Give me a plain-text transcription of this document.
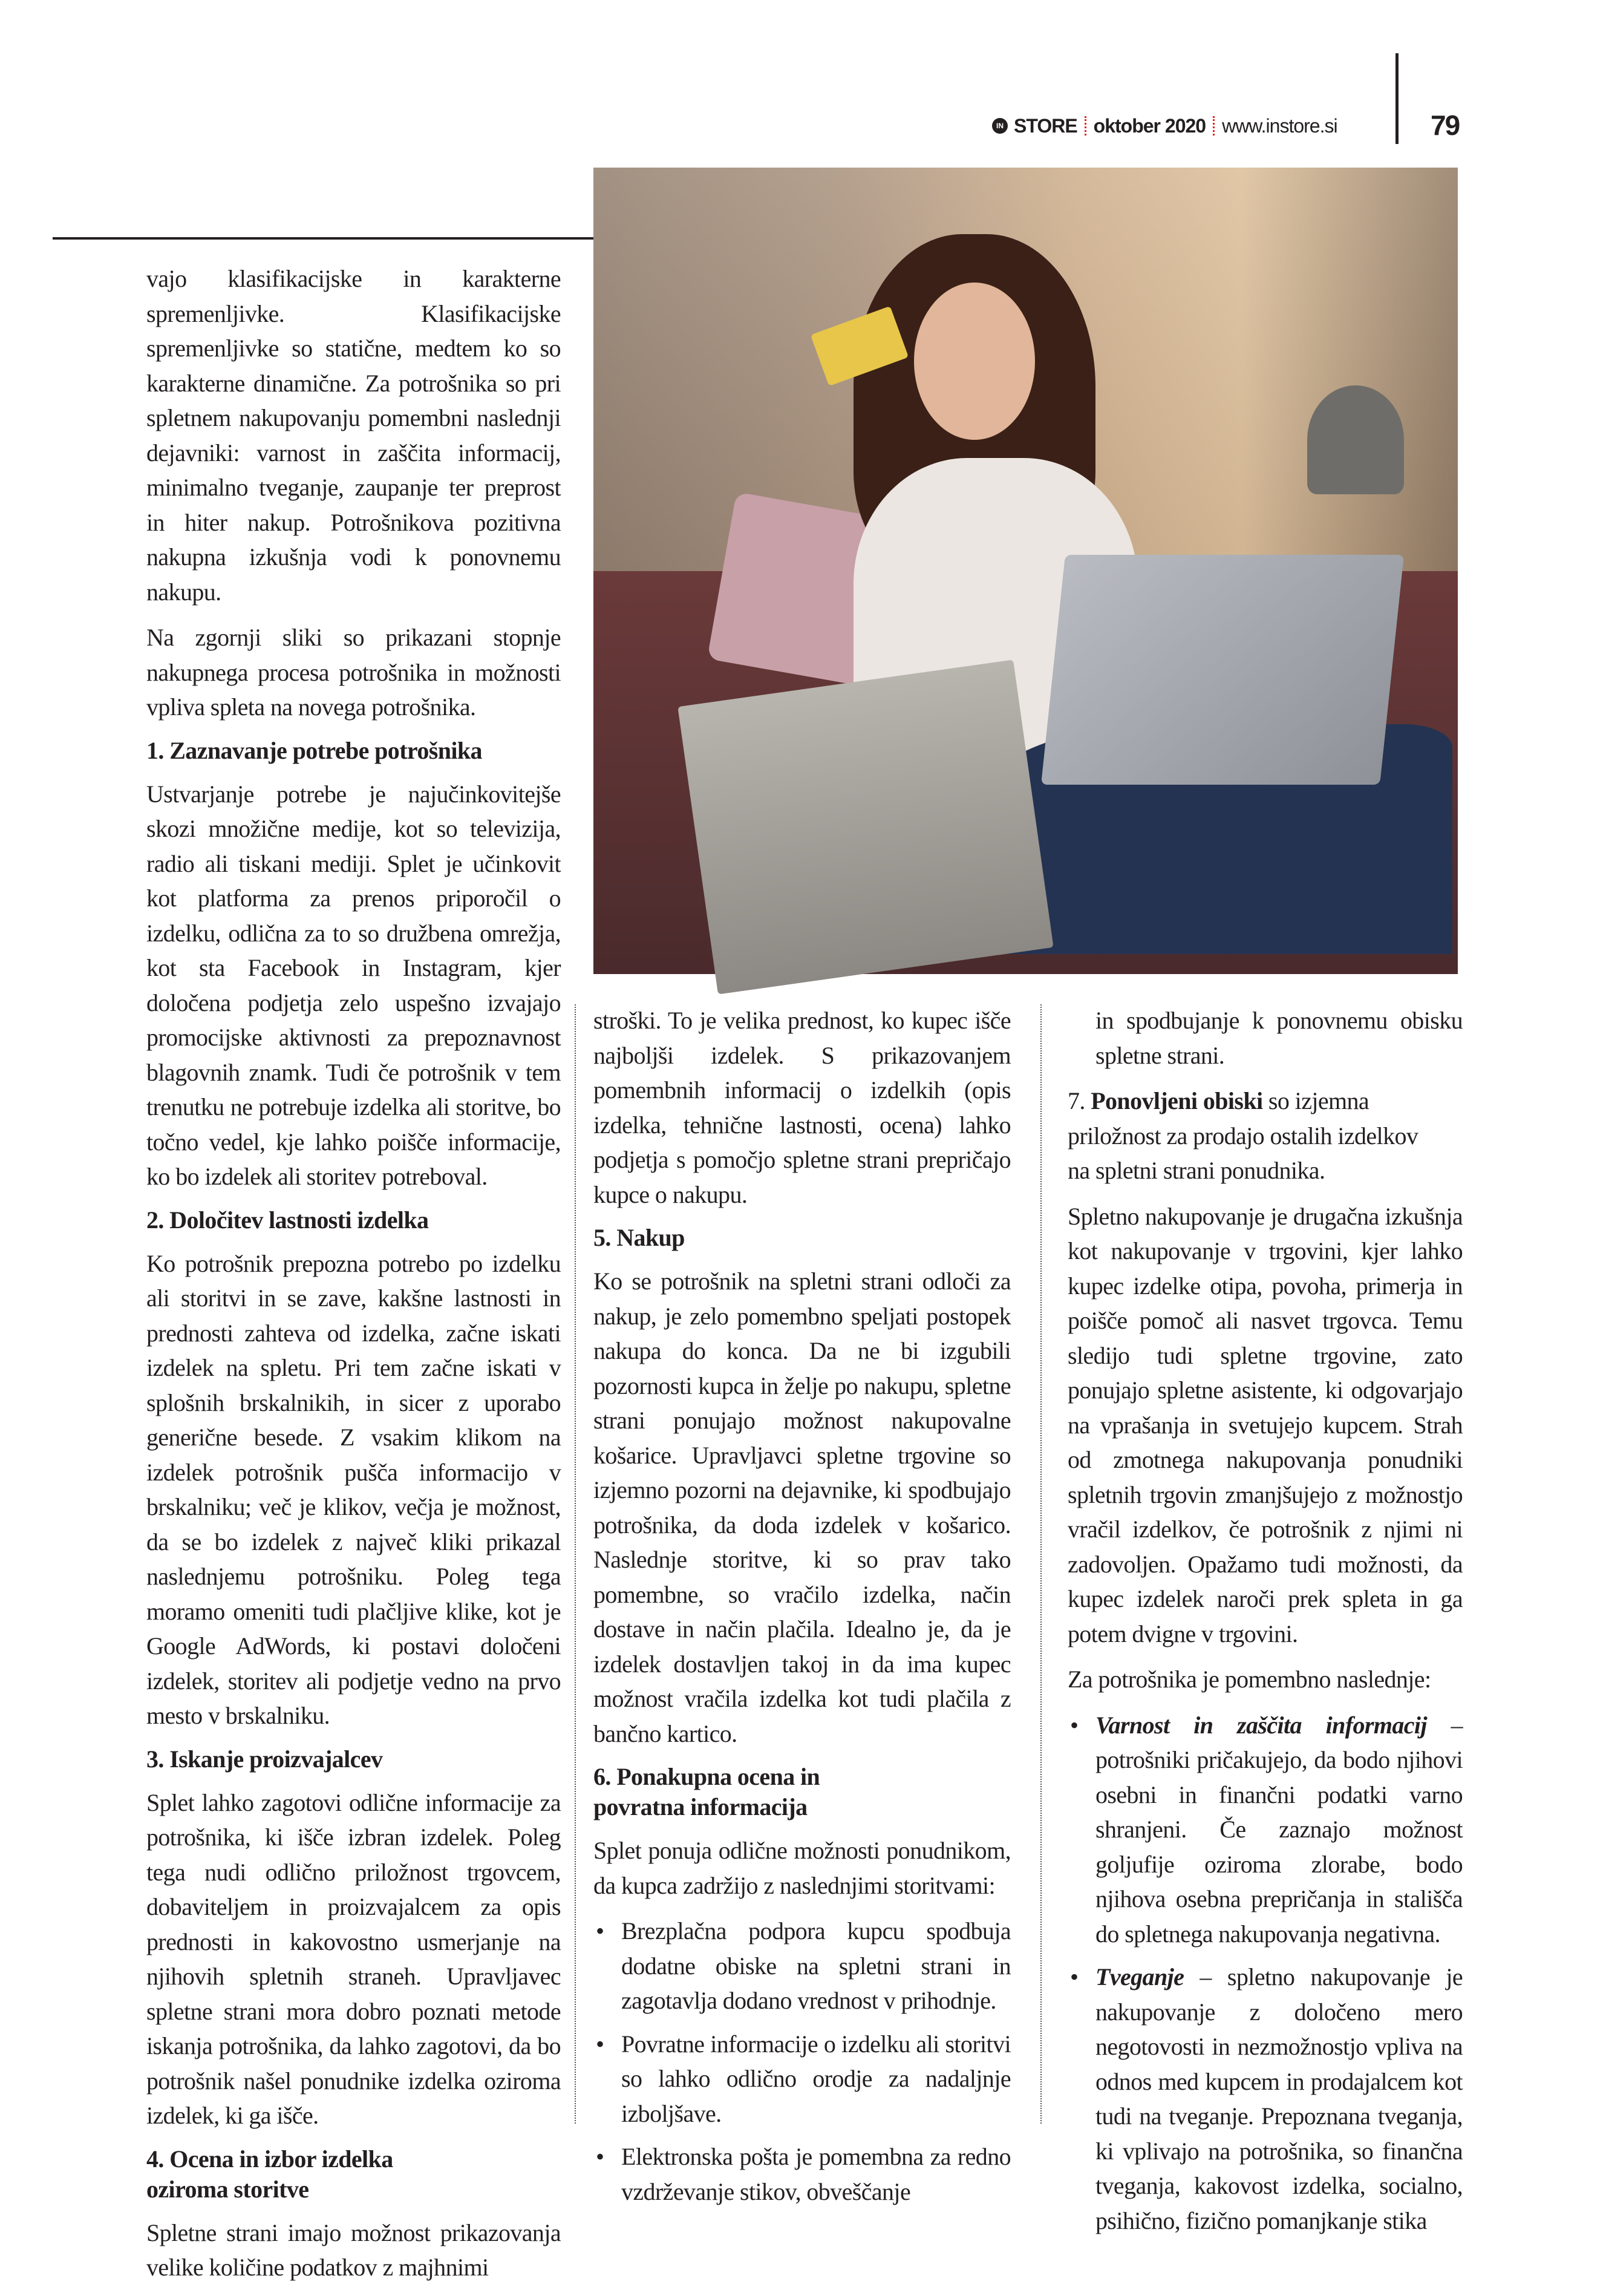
IN STORE oktober 2020 www.instore.si	79

vajo klasifikacijske in karakterne spremenljivke. Klasifikacijske spremenljivke so statične, medtem ko so karakterne dinamične. Za potrošnika so pri spletnem nakupovanju pomembni naslednji dejavniki: varnost in zaščita informacij, minimalno tveganje, zaupanje ter preprost in hiter nakup. Potrošnikova pozitivna nakupna izkušnja vodi k ponovnemu nakupu.

Na zgornji sliki so prikazani stopnje nakupnega procesa potrošnika in možnosti vpliva spleta na novega potrošnika.

1. Zaznavanje potrebe potrošnika

Ustvarjanje potrebe je najučinkovitejše skozi množične medije, kot so televizija, radio ali tiskani mediji. Splet je učinkovit kot platforma za prenos priporočil o izdelku, odlična za to so družbena omrežja, kot sta Facebook in Instagram, kjer določena podjetja zelo uspešno izvajajo promocijske aktivnosti za prepoznavnost blagovnih znamk. Tudi če potrošnik v tem trenutku ne potrebuje izdelka ali storitve, bo točno vedel, kje lahko poišče informacije, ko bo izdelek ali storitev potreboval.

2. Določitev lastnosti izdelka

Ko potrošnik prepozna potrebo po izdelku ali storitvi in se zave, kakšne lastnosti in prednosti zahteva od izdelka, začne iskati izdelek na spletu. Pri tem začne iskati v splošnih brskalnikih, in sicer z uporabo generične besede. Z vsakim klikom na izdelek potrošnik pušča informacijo v brskalniku; več je klikov, večja je možnost, da se bo izdelek z največ kliki prikazal naslednjemu potrošniku. Poleg tega moramo omeniti tudi plačljive klike, kot je Google AdWords, ki postavi določeni izdelek, storitev ali podjetje vedno na prvo mesto v brskalniku.

3. Iskanje proizvajalcev

Splet lahko zagotovi odlične informacije za potrošnika, ki išče izbran izdelek. Poleg tega nudi odlično priložnost trgovcem, dobaviteljem in proizvajalcem za opis prednosti in kakovostno usmerjanje na njihovih spletnih straneh. Upravljavec spletne strani mora dobro poznati metode iskanja potrošnika, da lahko zagotovi, da bo potrošnik našel ponudnike izdelka oziroma izdelek, ki ga išče.

4. Ocena in izbor izdelka oziroma storitve

Spletne strani imajo možnost prikazovanja velike količine podatkov z majhnimi

stroški. To je velika prednost, ko kupec išče najboljši izdelek. S prikazovanjem pomembnih informacij o izdelkih (opis izdelka, tehnične lastnosti, ocena) lahko podjetja s pomočjo spletne strani prepričajo kupce o nakupu.

5. Nakup

Ko se potrošnik na spletni strani odloči za nakup, je zelo pomembno speljati postopek nakupa do konca. Da ne bi izgubili pozornosti kupca in želje po nakupu, spletne strani ponujajo možnost nakupovalne košarice. Upravljavci spletne trgovine so izjemno pozorni na dejavnike, ki spodbujajo potrošnika, da doda izdelek v košarico. Naslednje storitve, ki so prav tako pomembne, so vračilo izdelka, način dostave in način plačila. Idealno je, da je izdelek dostavljen takoj in da ima kupec možnost vračila izdelka kot tudi plačila z bančno kartico.

6. Ponakupna ocena in povratna informacija

Splet ponuja odlične možnosti ponudnikom, da kupca zadržijo z naslednjimi storitvami:

• Brezplačna podpora kupcu spodbuja dodatne obiske na spletni strani in zagotavlja dodano vrednost v prihodnje.
• Povratne informacije o izdelku ali storitvi so lahko odlično orodje za nadaljnje izboljšave.
• Elektronska pošta je pomembna za redno vzdrževanje stikov, obveščanje

in spodbujanje k ponovnemu obisku spletne strani.

7. Ponovljeni obiski so izjemna priložnost za prodajo ostalih izdelkov na spletni strani ponudnika.

Spletno nakupovanje je drugačna izkušnja kot nakupovanje v trgovini, kjer lahko kupec izdelke otipa, povoha, primerja in poišče pomoč ali nasvet trgovca. Temu sledijo tudi spletne trgovine, zato ponujajo spletne asistente, ki odgovarjajo na vprašanja in svetujejo kupcem. Strah od zmotnega nakupovanja ponudniki spletnih trgovin zmanjšujejo z možnostjo vračil izdelkov, če potrošnik z njimi ni zadovoljen. Opažamo tudi možnosti, da kupec izdelek naroči prek spleta in ga potem dvigne v trgovini.

Za potrošnika je pomembno naslednje:

• Varnost in zaščita informacij – potrošniki pričakujejo, da bodo njihovi osebni in finančni podatki varno shranjeni. Če zaznajo možnost goljufije oziroma zlorabe, bodo njihova osebna prepričanja in stališča do spletnega nakupovanja negativna.
• Tveganje – spletno nakupovanje je nakupovanje z določeno mero negotovosti in nezmožnostjo vpliva na odnos med kupcem in prodajalcem kot tudi na tveganje. Prepoznana tveganja, ki vplivajo na potrošnika, so finančna tveganja, kakovost izdelka, socialno, psihično, fizično pomanjkanje stika
